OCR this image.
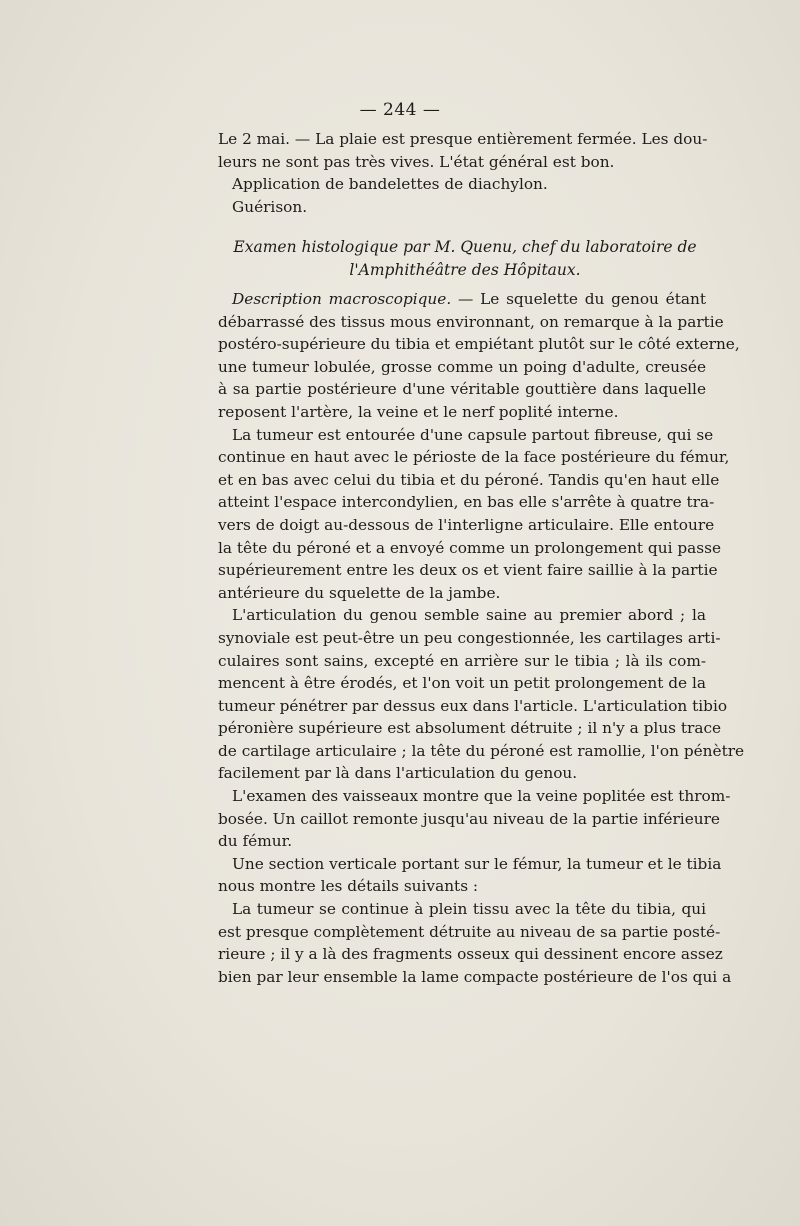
— 244 —
Le 2 mai. — La plaie est presque entièrement fermée. Les dou-
leurs ne sont pas très vives. L'état général est bon.
Application de bandelettes de diachylon.
Guérison.
Examen histologique par M. Quenu, chef du laboratoire de
l'Amphithéâtre des Hôpitaux.
Description macroscopique. — Le squelette du genou étant
débarrassé des tissus mous environnant, on remarque à la partie
postéro-supérieure du tibia et empiétant plutôt sur le côté externe,
une tumeur lobulée, grosse comme un poing d'adulte, creusée
à sa partie postérieure d'une véritable gouttière dans laquelle
reposent l'artère, la veine et le nerf poplité interne.
La tumeur est entourée d'une capsule partout fibreuse, qui se
continue en haut avec le périoste de la face postérieure du fémur,
et en bas avec celui du tibia et du péroné. Tandis qu'en haut elle
atteint l'espace intercondylien, en bas elle s'arrête à quatre tra-
vers de doigt au-dessous de l'interligne articulaire. Elle entoure
la tête du péroné et a envoyé comme un prolongement qui passe
supérieurement entre les deux os et vient faire saillie à la partie
antérieure du squelette de la jambe.
L'articulation du genou semble saine au premier abord ; la
synoviale est peut-être un peu congestionnée, les cartilages arti-
culaires sont sains, excepté en arrière sur le tibia ; là ils com-
mencent à être érodés, et l'on voit un petit prolongement de la
tumeur pénétrer par dessus eux dans l'article. L'articulation tibio
péronière supérieure est absolument détruite ; il n'y a plus trace
de cartilage articulaire ; la tête du péroné est ramollie, l'on pénètre
facilement par là dans l'articulation du genou.
L'examen des vaisseaux montre que la veine poplitée est throm-
bosée. Un caillot remonte jusqu'au niveau de la partie inférieure
du fémur.
Une section verticale portant sur le fémur, la tumeur et le tibia
nous montre les détails suivants :
La tumeur se continue à plein tissu avec la tête du tibia, qui
est presque complètement détruite au niveau de sa partie posté-
rieure ; il y a là des fragments osseux qui dessinent encore assez
bien par leur ensemble la lame compacte postérieure de l'os qui a
